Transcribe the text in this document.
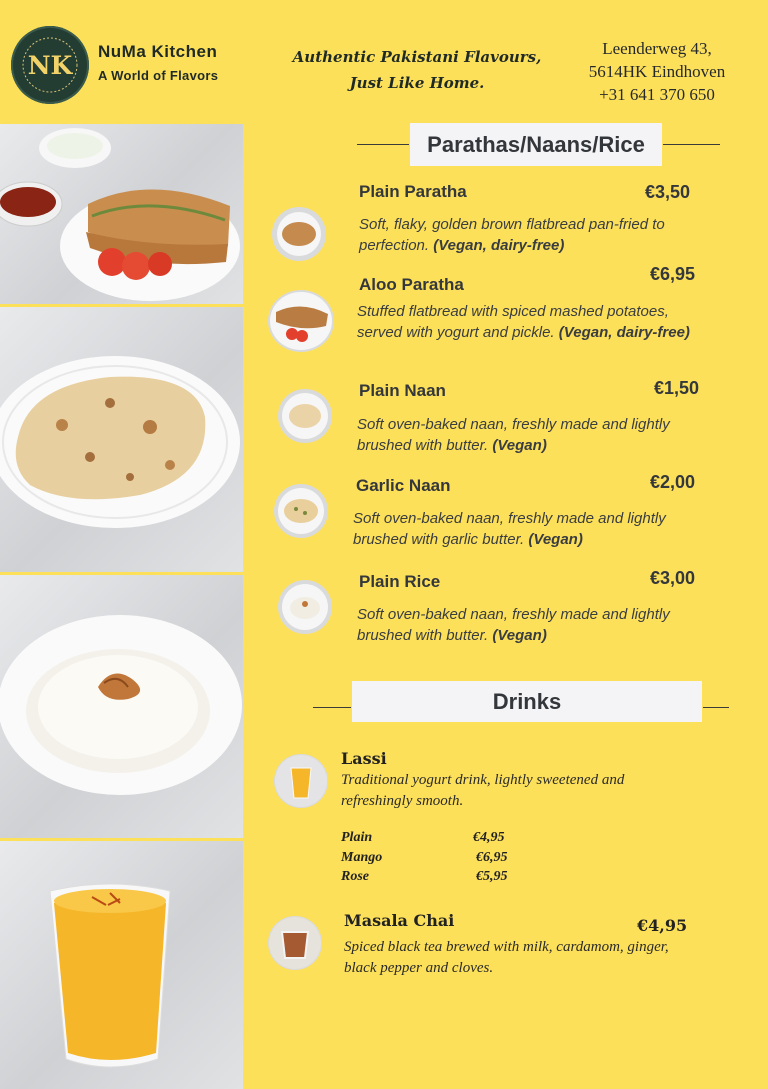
NK NuMa Kitchen
A World of Flavors
Authentic Pakistani Flavours,
Just Like Home.
Leenderweg 43,
5614HK Eindhoven
+31 641 370 650
Parathas/Naans/Rice
Plain Paratha	€3,50
Soft, flaky, golden brown flatbread pan-fried to perfection. (Vegan, dairy-free)
Aloo Paratha
€6,95
Stuffed flatbread with spiced mashed potatoes, served with yogurt and pickle. (Vegan, dairy-free)
Plain Naan	€1,50
Soft oven-baked naan, freshly made and lightly brushed with butter. (Vegan)
Garlic Naan	€2,00
Soft oven-baked naan, freshly made and lightly brushed with garlic butter. (Vegan)
Plain Rice	€3,00
Soft oven-baked naan, freshly made and lightly brushed with butter. (Vegan)
Drinks
Lassi
Traditional yogurt drink, lightly sweetened and refreshingly smooth.
Plain	€4,95
Mango	€6,95
Rose	€5,95
Masala Chai	€4,95
Spiced black tea brewed with milk, cardamom, ginger, black pepper and cloves.
